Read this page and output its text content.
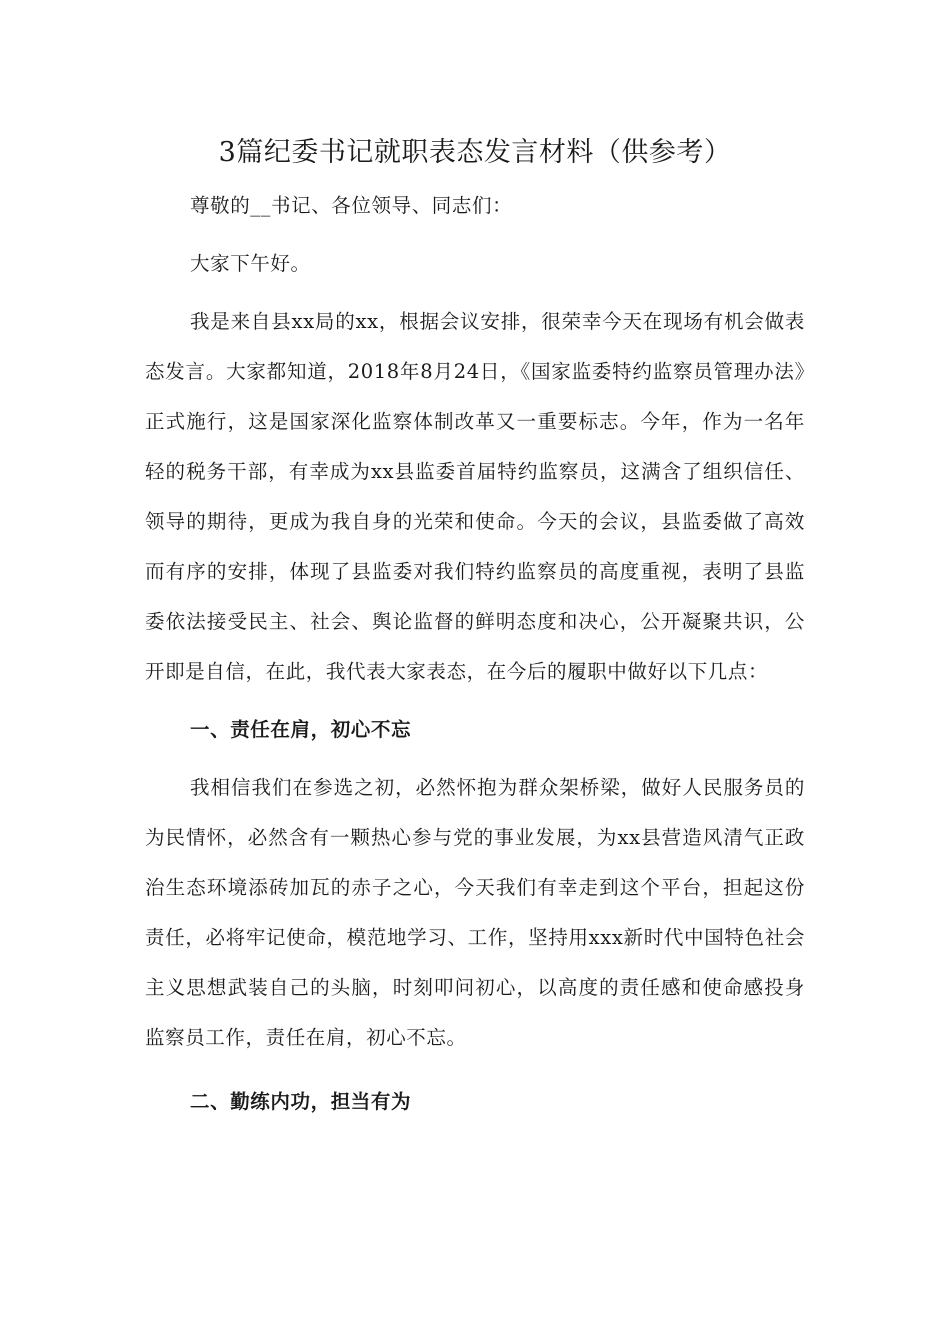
3篇纪委书记就职表态发言材料（供参考）

尊敬的__书记、各位领导、同志们：

大家下午好。

我是来自县xx局的xx，根据会议安排，很荣幸今天在现场有机会做表态发言。大家都知道，2018年8月24日，《国家监委特约监察员管理办法》正式施行，这是国家深化监察体制改革又一重要标志。今年，作为一名年轻的税务干部，有幸成为xx县监委首届特约监察员，这满含了组织信任、领导的期待，更成为我自身的光荣和使命。今天的会议，县监委做了高效而有序的安排，体现了县监委对我们特约监察员的高度重视，表明了县监委依法接受民主、社会、舆论监督的鲜明态度和决心，公开凝聚共识，公开即是自信，在此，我代表大家表态，在今后的履职中做好以下几点：

一、责任在肩，初心不忘

我相信我们在参选之初，必然怀抱为群众架桥梁，做好人民服务员的为民情怀，必然含有一颗热心参与党的事业发展，为xx县营造风清气正政治生态环境添砖加瓦的赤子之心，今天我们有幸走到这个平台，担起这份责任，必将牢记使命，模范地学习、工作，坚持用xxx新时代中国特色社会主义思想武装自己的头脑，时刻叩问初心，以高度的责任感和使命感投身监察员工作，责任在肩，初心不忘。

二、勤练内功，担当有为
